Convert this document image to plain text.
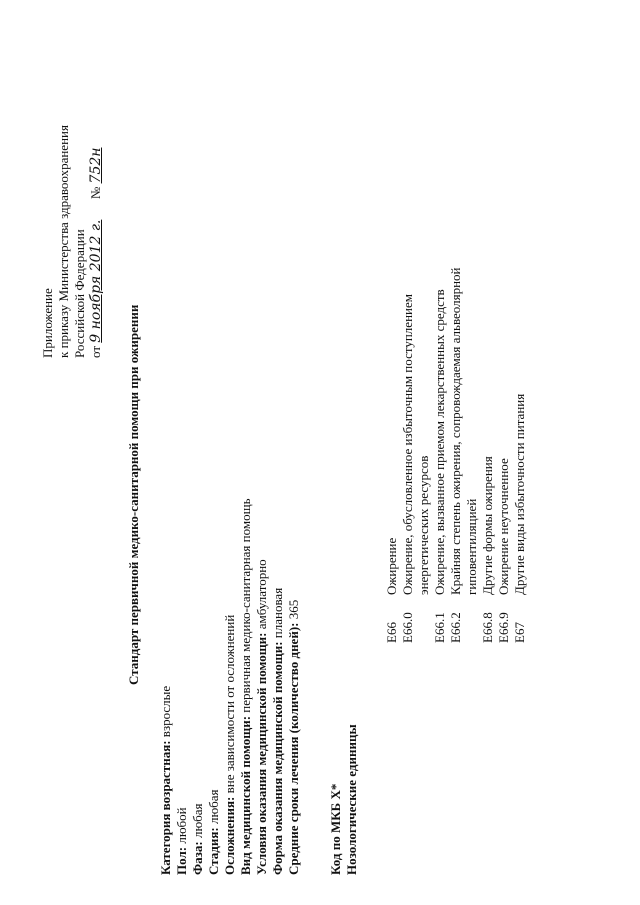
Приложение к приказу Министерства здравоохранения Российской Федерации от 9 ноября 2012 г.  № 752н
Стандарт первичной медико-санитарной помощи при ожирении
Категория возрастная: взрослые
Пол: любой
Фаза: любая
Стадия: любая Осложнения: вне зависимости от осложнений
Вид медицинской помощи: первичная медико-санитарная помощь
Условия оказания медицинской помощи: амбулаторно
Форма оказания медицинской помощи: плановая
Средние сроки лечения (количество дней): 365
Код по МКБ X* Нозологические единицы
E66
Ожирение
E66.0
Ожирение, обусловленное избыточным поступлением энергетических ресурсов
E66.1
Ожирение, вызванное приемом лекарственных средств
E66.2
Крайняя степень ожирения, сопровождаемая альвеолярной гиповентиляцией
E66.8
Другие формы ожирения
E66.9
Ожирение неуточненное
E67
Другие виды избыточности питания
